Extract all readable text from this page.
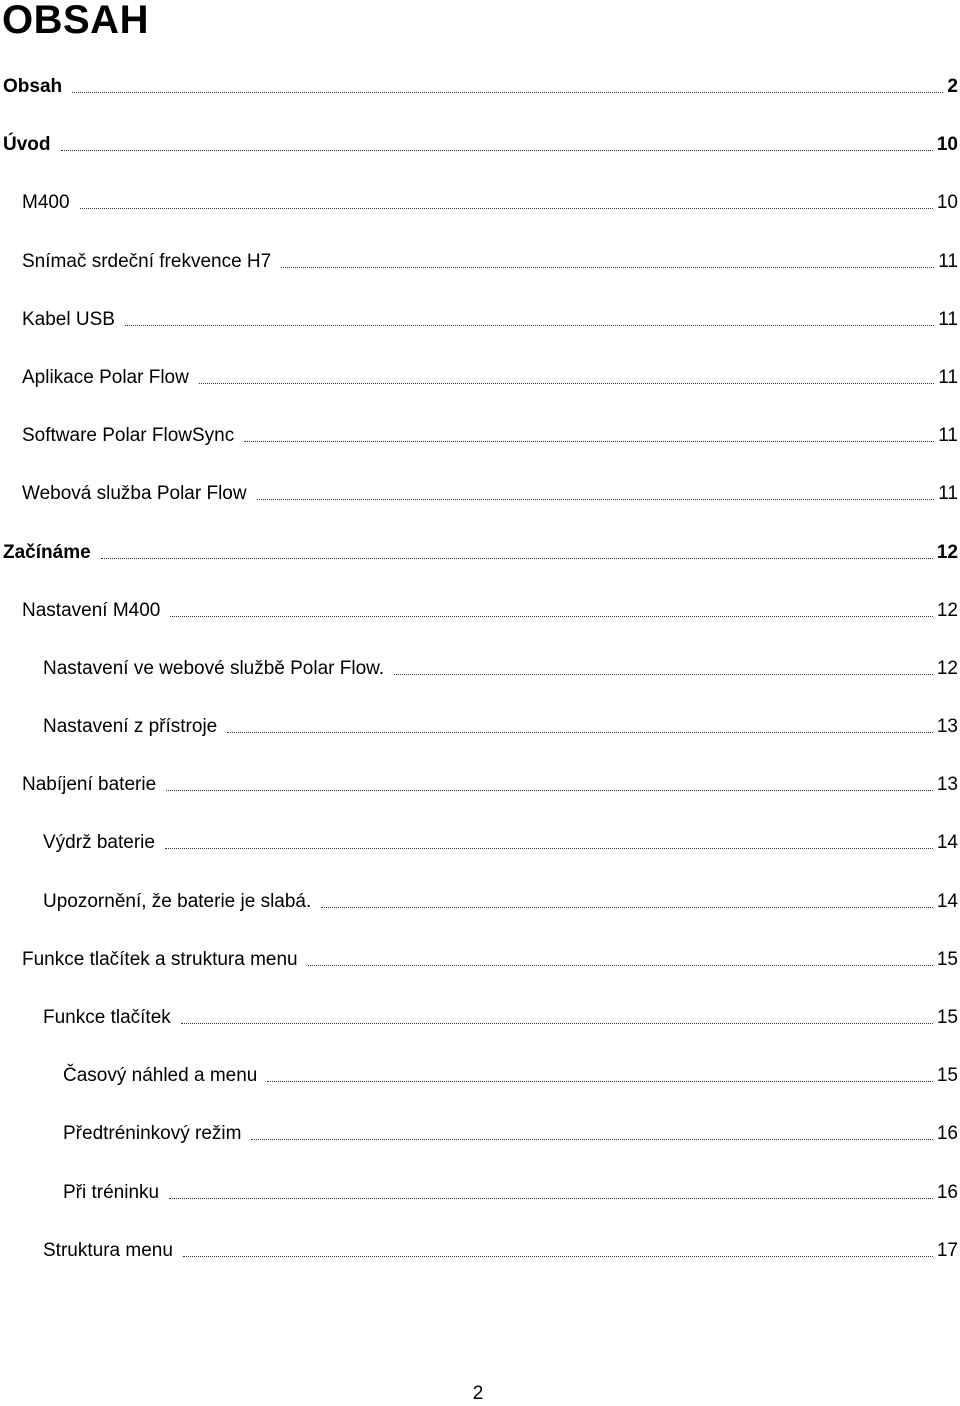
OBSAH
Obsah	2
Úvod	10
M400	10
Snímač srdeční frekvence H7	11
Kabel USB	11
Aplikace Polar Flow	11
Software Polar FlowSync	11
Webová služba Polar Flow	11
Začínáme	12
Nastavení M400	12
Nastavení ve webové službě Polar Flow.	12
Nastavení z přístroje	13
Nabíjení baterie	13
Výdrž baterie	14
Upozornění, že baterie je slabá.	14
Funkce tlačítek a struktura menu	15
Funkce tlačítek	15
Časový náhled a menu	15
Předtréninkový režim	16
Při tréninku	16
Struktura menu	17
2
